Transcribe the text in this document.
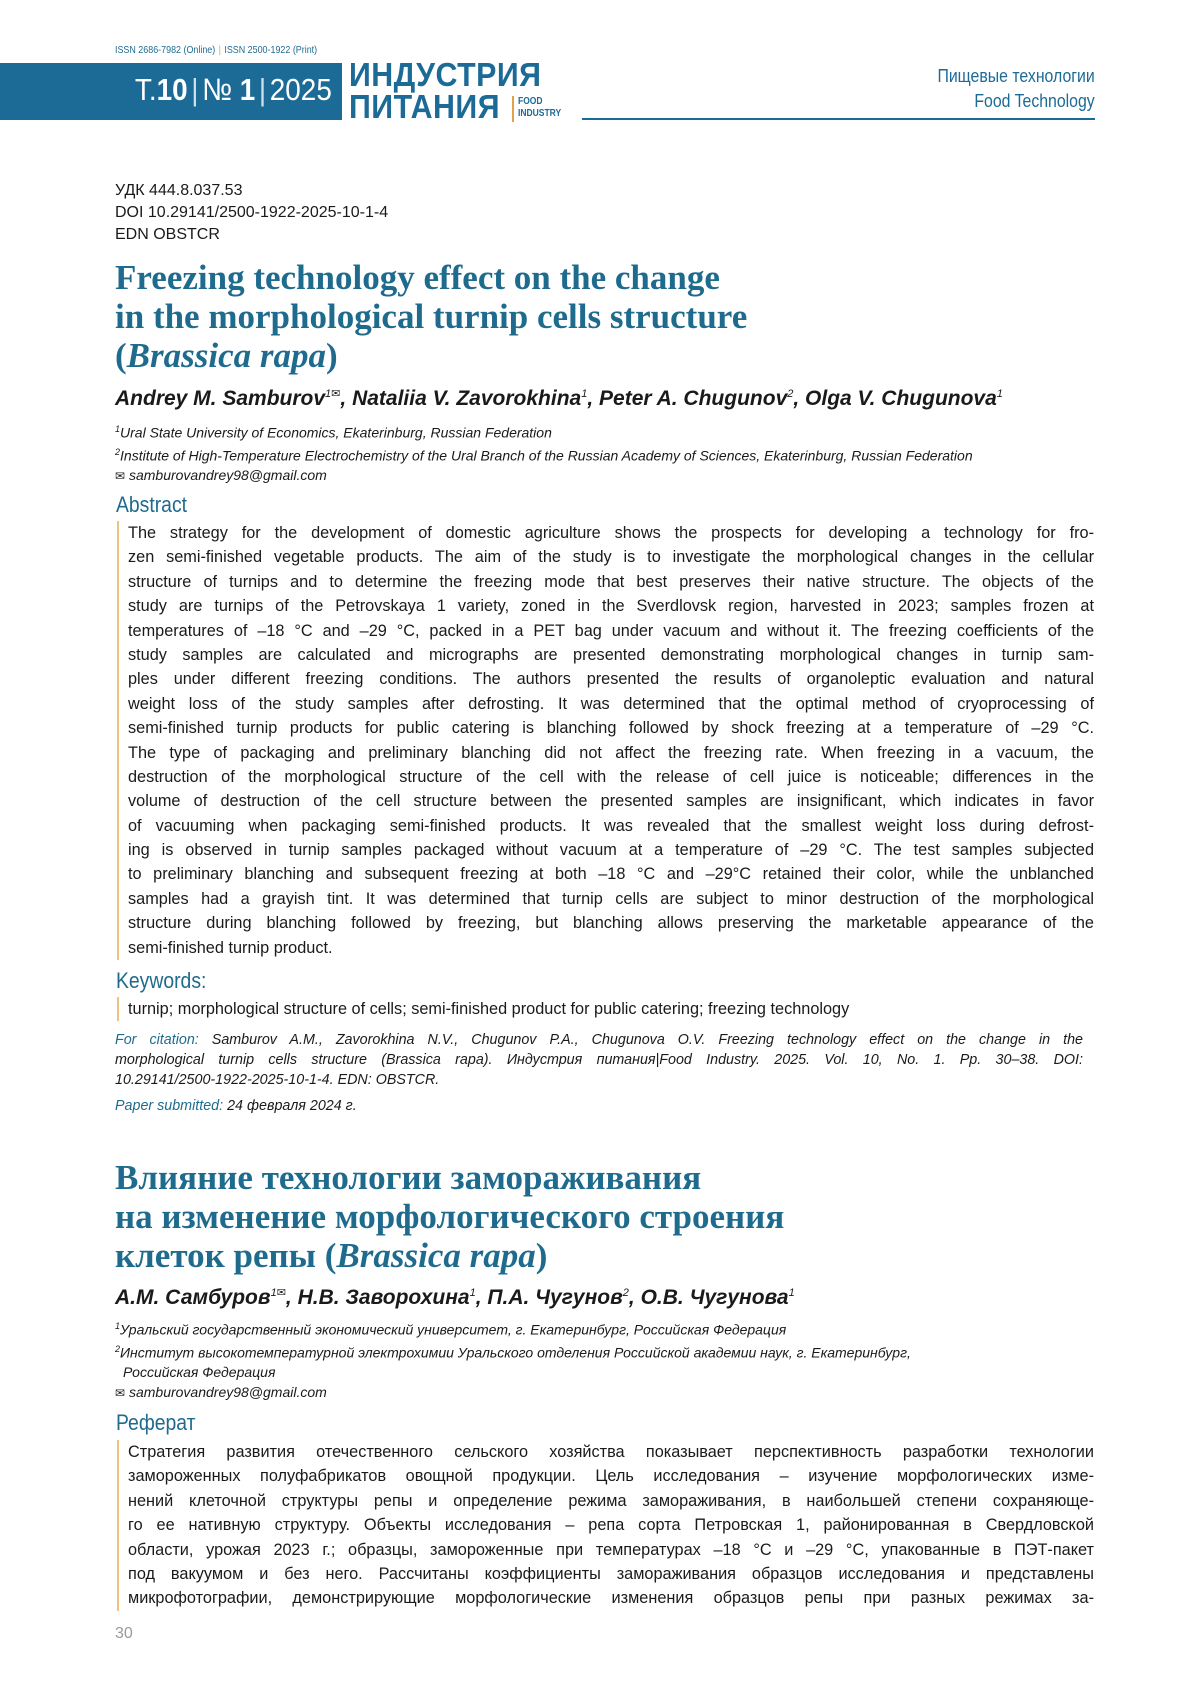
ISSN 2686-7982 (Online) | ISSN 2500-1922 (Print)
Т.10 | № 1 | 2025 ИНДУСТРИЯ
ПИТАНИЯ FOOD
INDUSTRY
Пищевые технологии
Food Technology
УДК 444.8.037.53
DOI 10.29141/2500-1922-2025-10-1-4
EDN OBSTCR
Freezing technology effect on the change
in the morphological turnip cells structure
(Brassica rapa)
Andrey M. Samburov$^{1✉}$, Nataliia V. Zavorokhina$^1$, Peter A. Chugunov$^2$, Olga V. Chugunova$^1$
$^1$Ural State University of Economics, Ekaterinburg, Russian Federation
$^2$Institute of High-Temperature Electrochemistry of the Ural Branch of the Russian Academy of Sciences, Ekaterinburg, Russian Federation
✉ samburovandrey98@gmail.com
Abstract
The strategy for the development of domestic agriculture shows the prospects for developing a technology for fro-
zen semi-finished vegetable products. The aim of the study is to investigate the morphological changes in the cellular
structure of turnips and to determine the freezing mode that best preserves their native structure. The objects of the
study are turnips of the Petrovskaya 1 variety, zoned in the Sverdlovsk region, harvested in 2023; samples frozen at
temperatures of –18 °C and –29 °C, packed in a PET bag under vacuum and without it. The freezing coefficients of the
study samples are calculated and micrographs are presented demonstrating morphological changes in turnip sam-
ples under different freezing conditions. The authors presented the results of organoleptic evaluation and natural
weight loss of the study samples after defrosting. It was determined that the optimal method of cryoprocessing of
semi-finished turnip products for public catering is blanching followed by shock freezing at a temperature of –29 °C.
The type of packaging and preliminary blanching did not affect the freezing rate. When freezing in a vacuum, the
destruction of the morphological structure of the cell with the release of cell juice is noticeable; differences in the
volume of destruction of the cell structure between the presented samples are insignificant, which indicates in favor
of vacuuming when packaging semi-finished products. It was revealed that the smallest weight loss during defrost-
ing is observed in turnip samples packaged without vacuum at a temperature of –29 °C. The test samples subjected
to preliminary blanching and subsequent freezing at both –18 °C and –29°C retained their color, while the unblanched
samples had a grayish tint. It was determined that turnip cells are subject to minor destruction of the morphological
structure during blanching followed by freezing, but blanching allows preserving the marketable appearance of the
semi-finished turnip product.
Keywords:
turnip; morphological structure of cells; semi-finished product for public catering; freezing technology
For citation: Samburov A.M., Zavorokhina N.V., Chugunov P.A., Chugunova O.V. Freezing technology effect on the change in the
morphological turnip cells structure (Brassica rapa). Индустрия питания|Food Industry. 2025. Vol. 10, No. 1. Pp. 30–38. DOI:
10.29141/2500-1922-2025-10-1-4. EDN: OBSTCR.
Paper submitted: 24 февраля 2024 г.
Влияние технологии замораживания
на изменение морфологического строения
клеток репы (Brassica rapa)
А.М. Самбуров$^{1✉}$, Н.В. Заворохина$^1$, П.А. Чугунов$^2$, О.В. Чугунова$^1$
$^1$Уральский государственный экономический университет, г. Екатеринбург, Российская Федерация
$^2$Институт высокотемпературной электрохимии Уральского отделения Российской академии наук, г. Екатеринбург,
Российская Федерация
✉ samburovandrey98@gmail.com
Реферат
Стратегия развития отечественного сельского хозяйства показывает перспективность разработки технологии
замороженных полуфабрикатов овощной продукции. Цель исследования – изучение морфологических изме-
нений клеточной структуры репы и определение режима замораживания, в наибольшей степени сохраняюще-
го ее нативную структуру. Объекты исследования – репа сорта Петровская 1, районированная в Свердловской
области, урожая 2023 г.; образцы, замороженные при температурах –18 °С и –29 °С, упакованные в ПЭТ-пакет
под вакуумом и без него. Рассчитаны коэффициенты замораживания образцов исследования и представлены
микрофотографии, демонстрирующие морфологические изменения образцов репы при разных режимах за-
30
